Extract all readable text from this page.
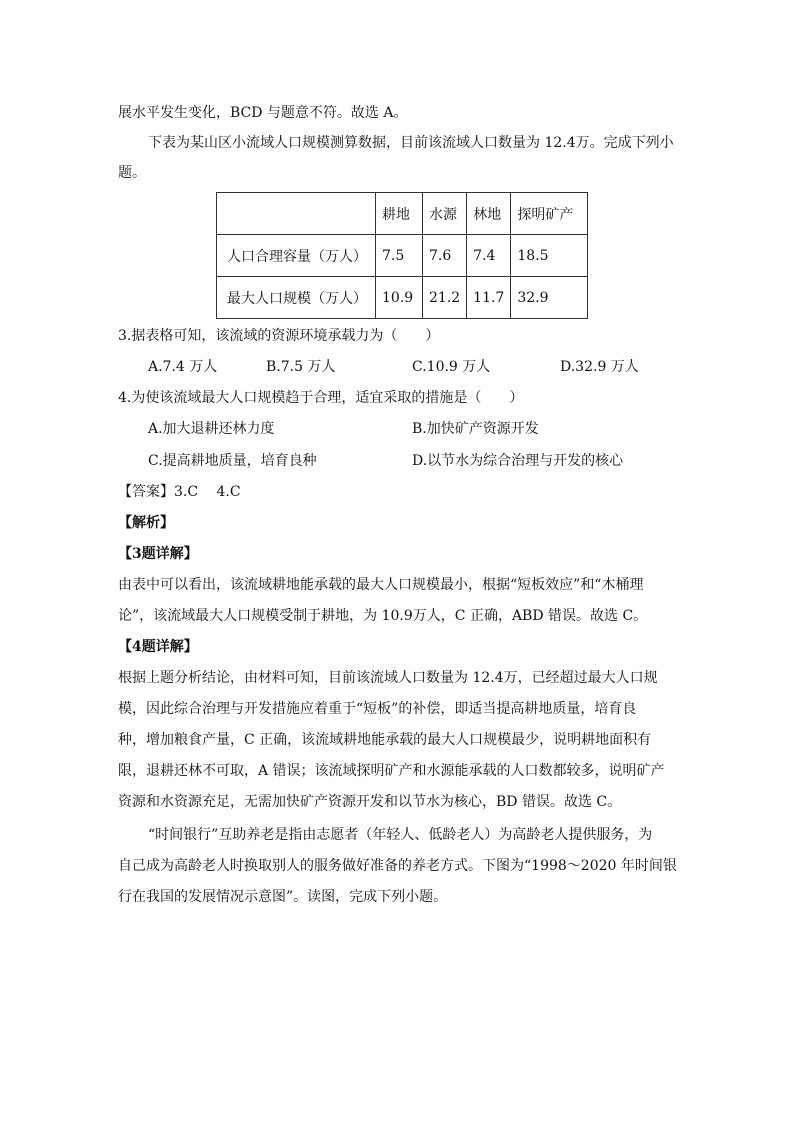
展水平发生变化，BCD 与题意不符。故选 A。
下表为某山区小流域人口规模测算数据，目前该流域人口数量为 12.4万。完成下列小
题。
	耕地	水源	林地	探明矿产
人口合理容量（万人）	7.5	7.6	7.4	18.5
最大人口规模（万人）	10.9	21.2	11.7	32.9
3.据表格可知，该流域的资源环境承载力为（　　）
A.7.4 万人	B.7.5 万人	C.10.9 万人	D.32.9 万人
4.为使该流域最大人口规模趋于合理，适宜采取的措施是（　　）
A.加大退耕还林力度	B.加快矿产资源开发
C.提高耕地质量，培育良种	D.以节水为综合治理与开发的核心
【答案】3.C　 4.C
【解析】
【3题详解】
由表中可以看出，该流域耕地能承载的最大人口规模最小，根据“短板效应”和“木桶理
论”，该流域最大人口规模受制于耕地，为 10.9万人，C 正确，ABD 错误。故选 C。
【4题详解】
根据上题分析结论，由材料可知，目前该流域人口数量为 12.4万，已经超过最大人口规
模，因此综合治理与开发措施应着重于“短板”的补偿，即适当提高耕地质量，培育良
种，增加粮食产量，C 正确，该流域耕地能承载的最大人口规模最少，说明耕地面积有
限，退耕还林不可取，A 错误；该流域探明矿产和水源能承载的人口数都较多，说明矿产
资源和水资源充足，无需加快矿产资源开发和以节水为核心，BD 错误。故选 C。
“时间银行”互助养老是指由志愿者（年轻人、低龄老人）为高龄老人提供服务，为
自己成为高龄老人时换取别人的服务做好准备的养老方式。下图为“1998～2020 年时间银
行在我国的发展情况示意图”。读图，完成下列小题。
